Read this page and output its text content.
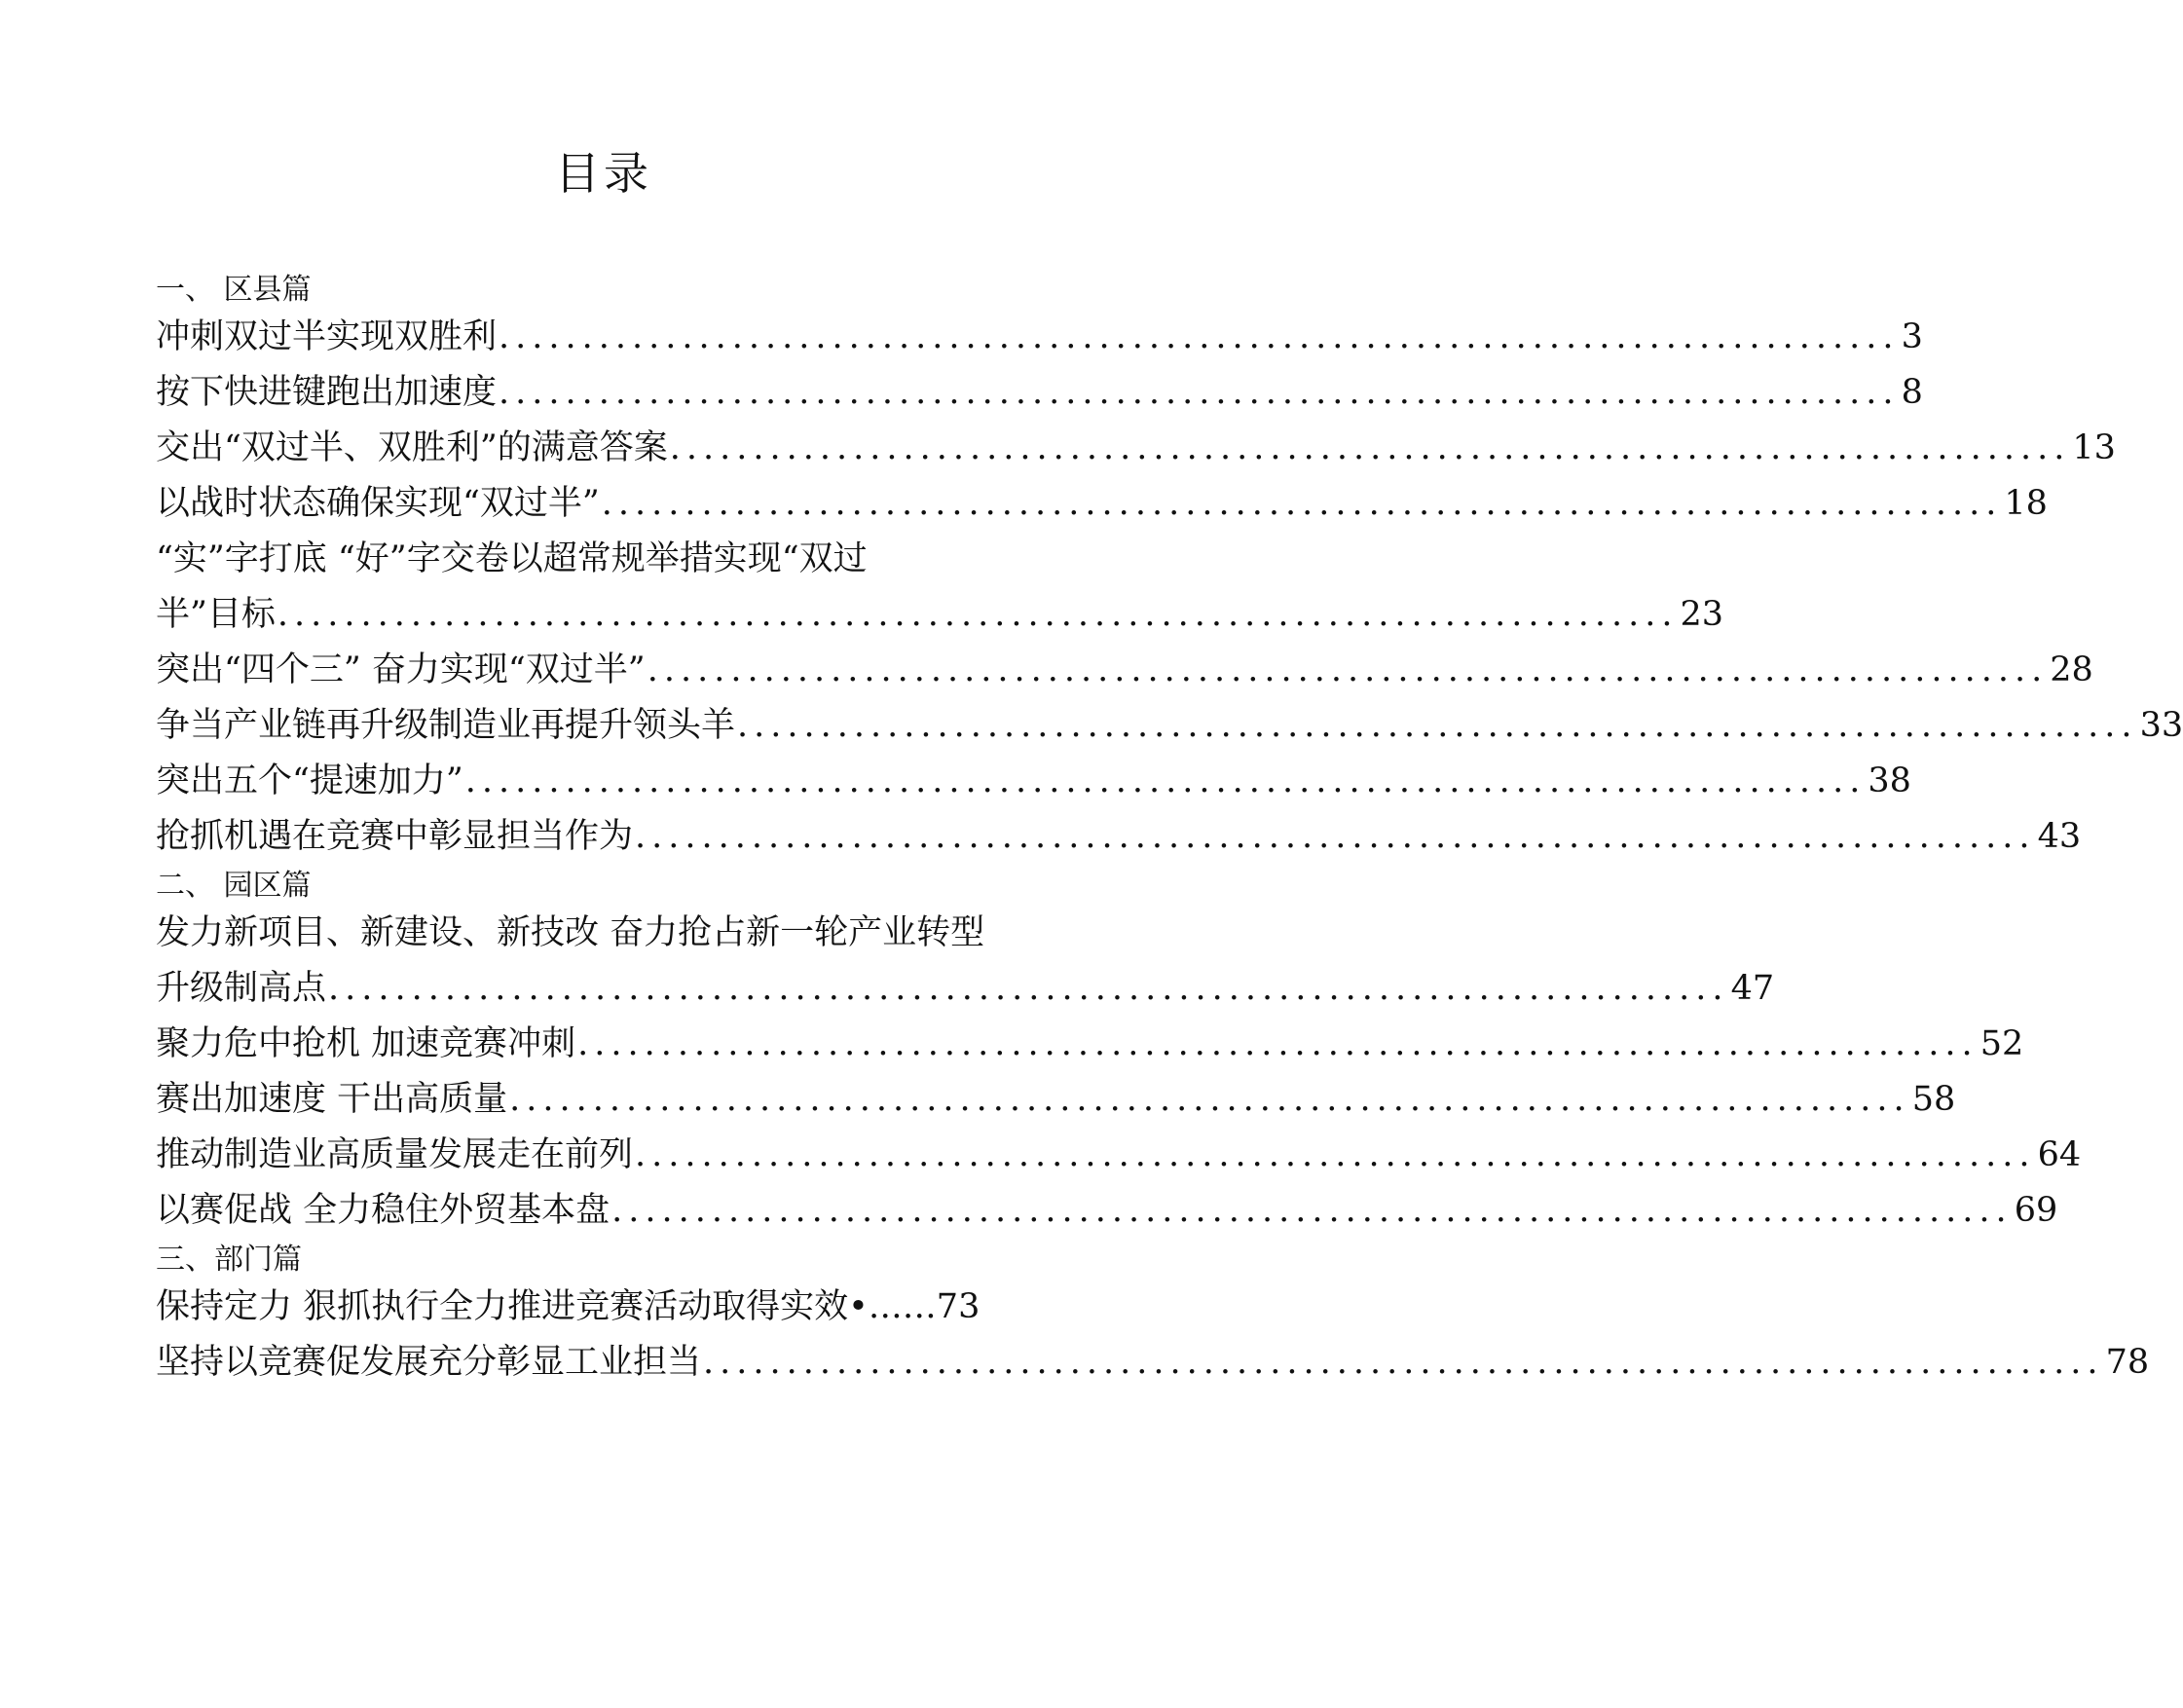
目录
一、 区县篇
冲刺双过半实现双胜利 .................................................................................... 3
按下快进键跑出加速度 .................................................................................... 8
交出“双过半、双胜利”的满意答案 .................................................................................... 13
以战时状态确保实现“双过半” .................................................................................... 18
“实”字打底 “好”字交卷以超常规举措实现“双过
半”目标 .................................................................................... 23
突出“四个三” 奋力实现“双过半” .................................................................................... 28
争当产业链再升级制造业再提升领头羊 .................................................................................... 33
突出五个“提速加力” .................................................................................... 38
抢抓机遇在竞赛中彰显担当作为 .................................................................................... 43
二、 园区篇
发力新项目、新建设、新技改 奋力抢占新一轮产业转型
升级制高点 .................................................................................... 47
聚力危中抢机 加速竞赛冲刺 .................................................................................... 52
赛出加速度 干出高质量 .................................................................................... 58
推动制造业高质量发展走在前列 .................................................................................... 64
以赛促战 全力稳住外贸基本盘 .................................................................................... 69
三、部门篇
保持定力 狠抓执行全力推进竞赛活动取得实效 •…… 73
坚持以竞赛促发展充分彰显工业担当 .................................................................................... 78
